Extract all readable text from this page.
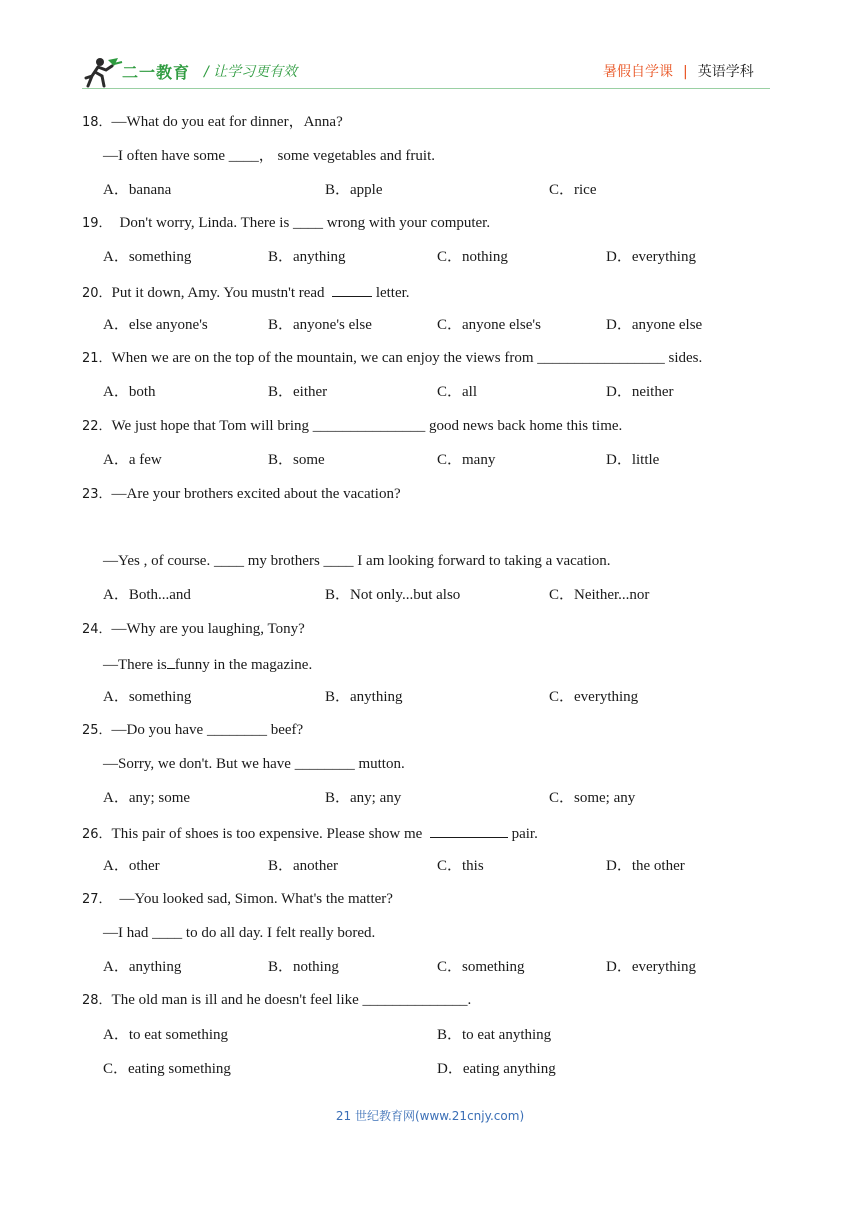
二一教育 / 让学习更有效	暑假自学课 | 英语学科
18．—What do you eat for dinner，Anna?
—I often have some ____， some vegetables and fruit.
A．banana	B．apple	C．rice
19． Don't worry, Linda. There is ____ wrong with your computer.
A．something	B．anything	C．nothing	D．everything
20．Put it down, Amy. You mustn't read	letter.
A．else anyone's	B．anyone's else	C．anyone else's	D．anyone else
21．When we are on the top of the mountain, we can enjoy the views from _________________ sides.
A．both	B．either	C．all	D．neither
22．We just hope that Tom will bring _______________ good news back home this time.
A．a few	B．some	C．many	D．little
23．—Are your brothers excited about the vacation?
—Yes , of course. ____ my brothers ____ I am looking forward to taking a vacation.
A．Both...and	B．Not only...but also	C．Neither...nor
24．—Why are you laughing, Tony?
—There is funny in the magazine.
A．something	B．anything	C．everything
25．—Do you have ________ beef?
—Sorry, we don't. But we have ________ mutton.
A．any; some	B．any; any	C．some; any
26．This pair of shoes is too expensive. Please show me	pair.
A．other	B．another	C．this	D．the other
27． —You looked sad, Simon. What's the matter?
—I had ____ to do all day. I felt really bored.
A．anything	B．nothing	C．something	D．everything
28．The old man is ill and he doesn't feel like ______________.
A．to eat something	B．to eat anything
C．eating something	D．eating anything
21 世纪教育网(www.21cnjy.com)
